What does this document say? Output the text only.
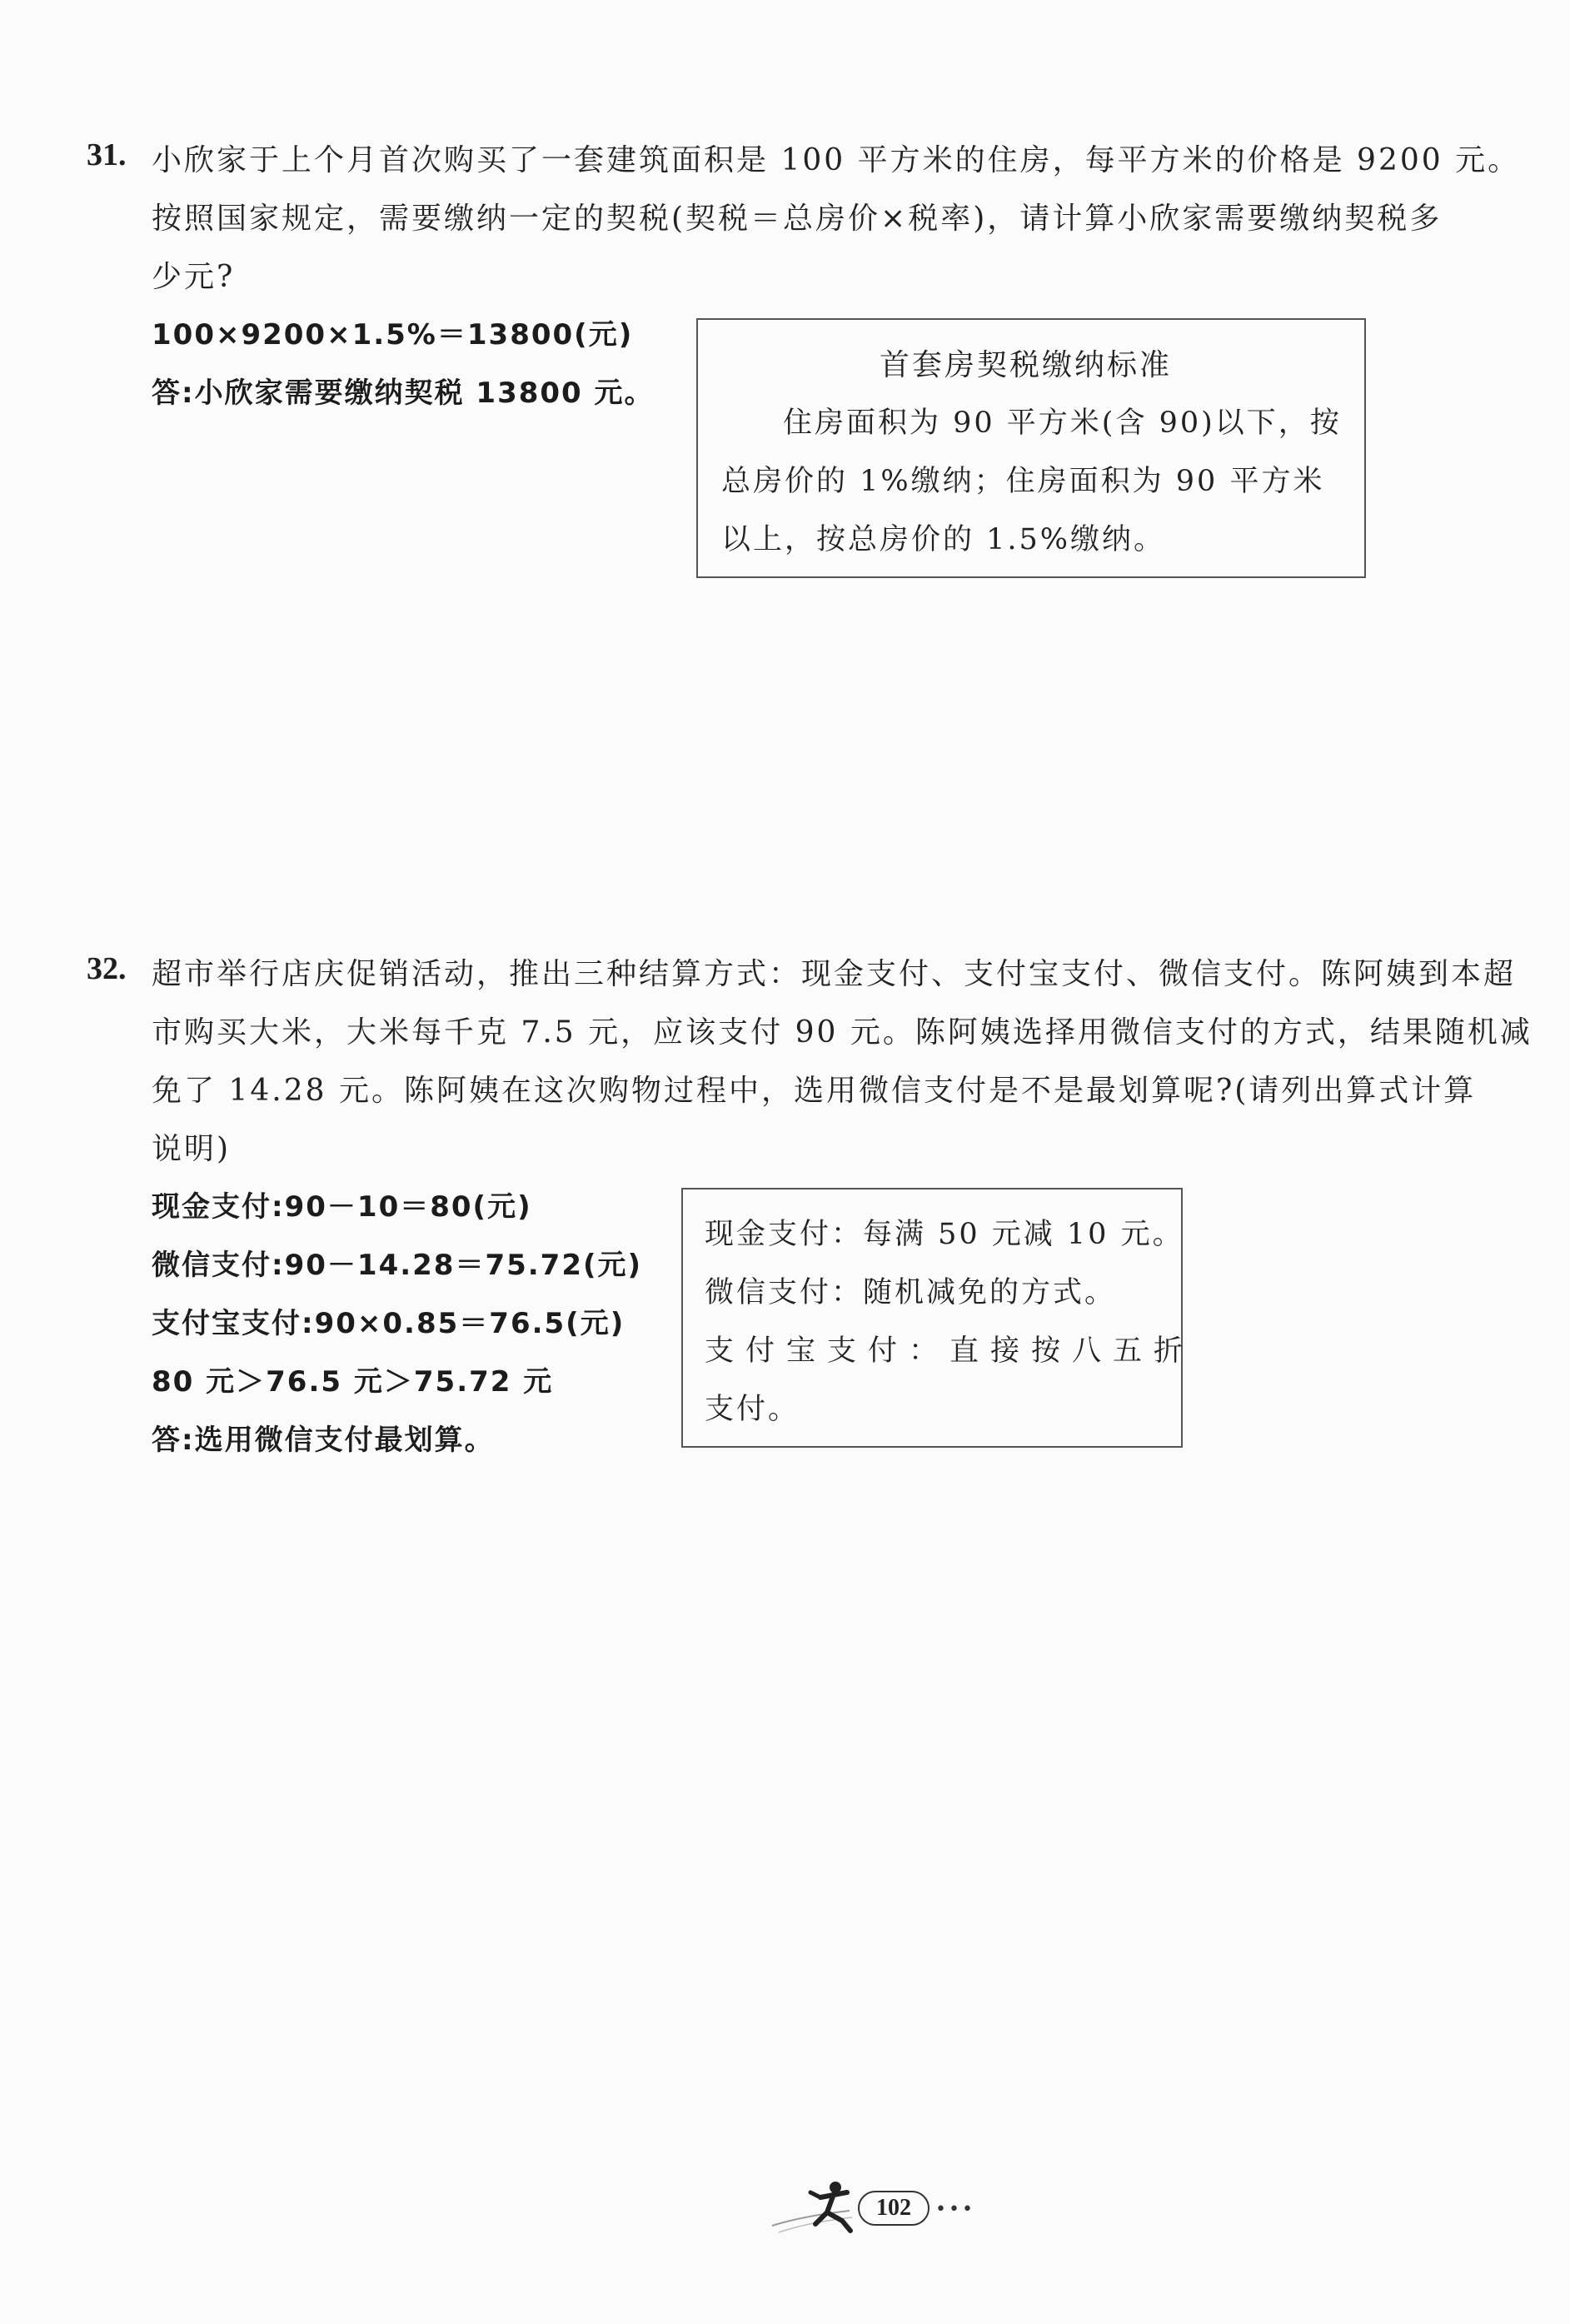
31. 小欣家于上个月首次购买了一套建筑面积是 100 平方米的住房，每平方米的价格是 9200 元。
按照国家规定，需要缴纳一定的契税(契税＝总房价×税率)，请计算小欣家需要缴纳契税多
少元?
100×9200×1.5%＝13800(元)
答:小欣家需要缴纳契税 13800 元。
首套房契税缴纳标准
住房面积为 90 平方米(含 90)以下，按
总房价的 1%缴纳；住房面积为 90 平方米
以上，按总房价的 1.5%缴纳。
32. 超市举行店庆促销活动，推出三种结算方式：现金支付、支付宝支付、微信支付。陈阿姨到本超
市购买大米，大米每千克 7.5 元，应该支付 90 元。陈阿姨选择用微信支付的方式，结果随机减
免了 14.28 元。陈阿姨在这次购物过程中，选用微信支付是不是最划算呢?(请列出算式计算
说明)
现金支付:90－10＝80(元)
微信支付:90－14.28＝75.72(元)
支付宝支付:90×0.85＝76.5(元)
80 元＞76.5 元＞75.72 元
答:选用微信支付最划算。
现金支付：每满 50 元减 10 元。
微信支付：随机减免的方式。
支付宝支付：直接按八五折
支付。
102	•••
